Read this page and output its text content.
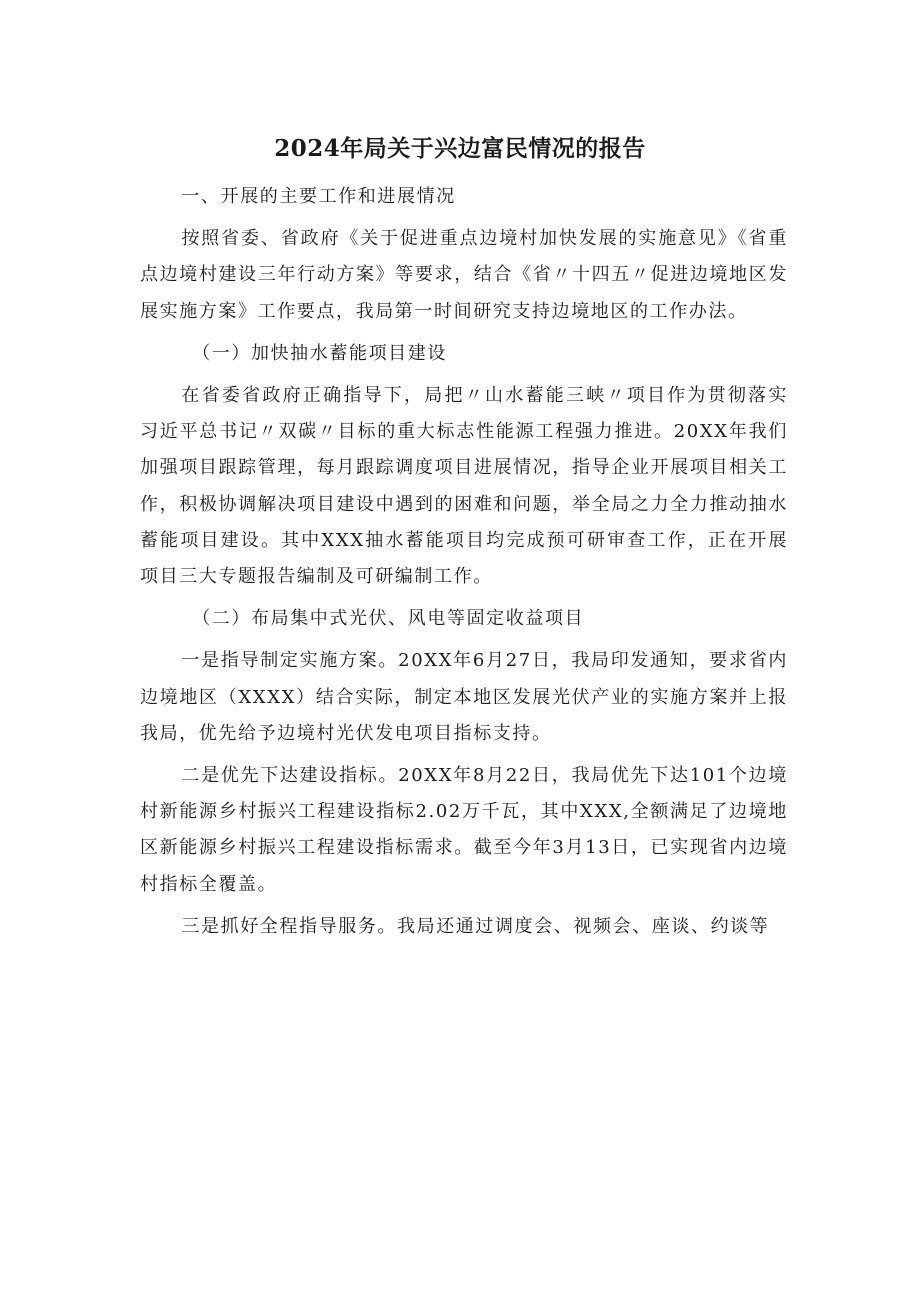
2024年局关于兴边富民情况的报告

一、开展的主要工作和进展情况

按照省委、省政府《关于促进重点边境村加快发展的实施意见》《省重点边境村建设三年行动方案》等要求，结合《省〃十四五〃促进边境地区发展实施方案》工作要点，我局第一时间研究支持边境地区的工作办法。

（一）加快抽水蓄能项目建设

在省委省政府正确指导下，局把〃山水蓄能三峡〃项目作为贯彻落实习近平总书记〃双碳〃目标的重大标志性能源工程强力推进。20XX年我们加强项目跟踪管理，每月跟踪调度项目进展情况，指导企业开展项目相关工作，积极协调解决项目建设中遇到的困难和问题，举全局之力全力推动抽水蓄能项目建设。其中XXX抽水蓄能项目均完成预可研审查工作，正在开展项目三大专题报告编制及可研编制工作。

（二）布局集中式光伏、风电等固定收益项目

一是指导制定实施方案。20XX年6月27日，我局印发通知，要求省内边境地区（XXXX）结合实际，制定本地区发展光伏产业的实施方案并上报我局，优先给予边境村光伏发电项目指标支持。

二是优先下达建设指标。20XX年8月22日，我局优先下达101个边境村新能源乡村振兴工程建设指标2.02万千瓦，其中XXX,全额满足了边境地区新能源乡村振兴工程建设指标需求。截至今年3月13日，已实现省内边境村指标全覆盖。

三是抓好全程指导服务。我局还通过调度会、视频会、座谈、约谈等
